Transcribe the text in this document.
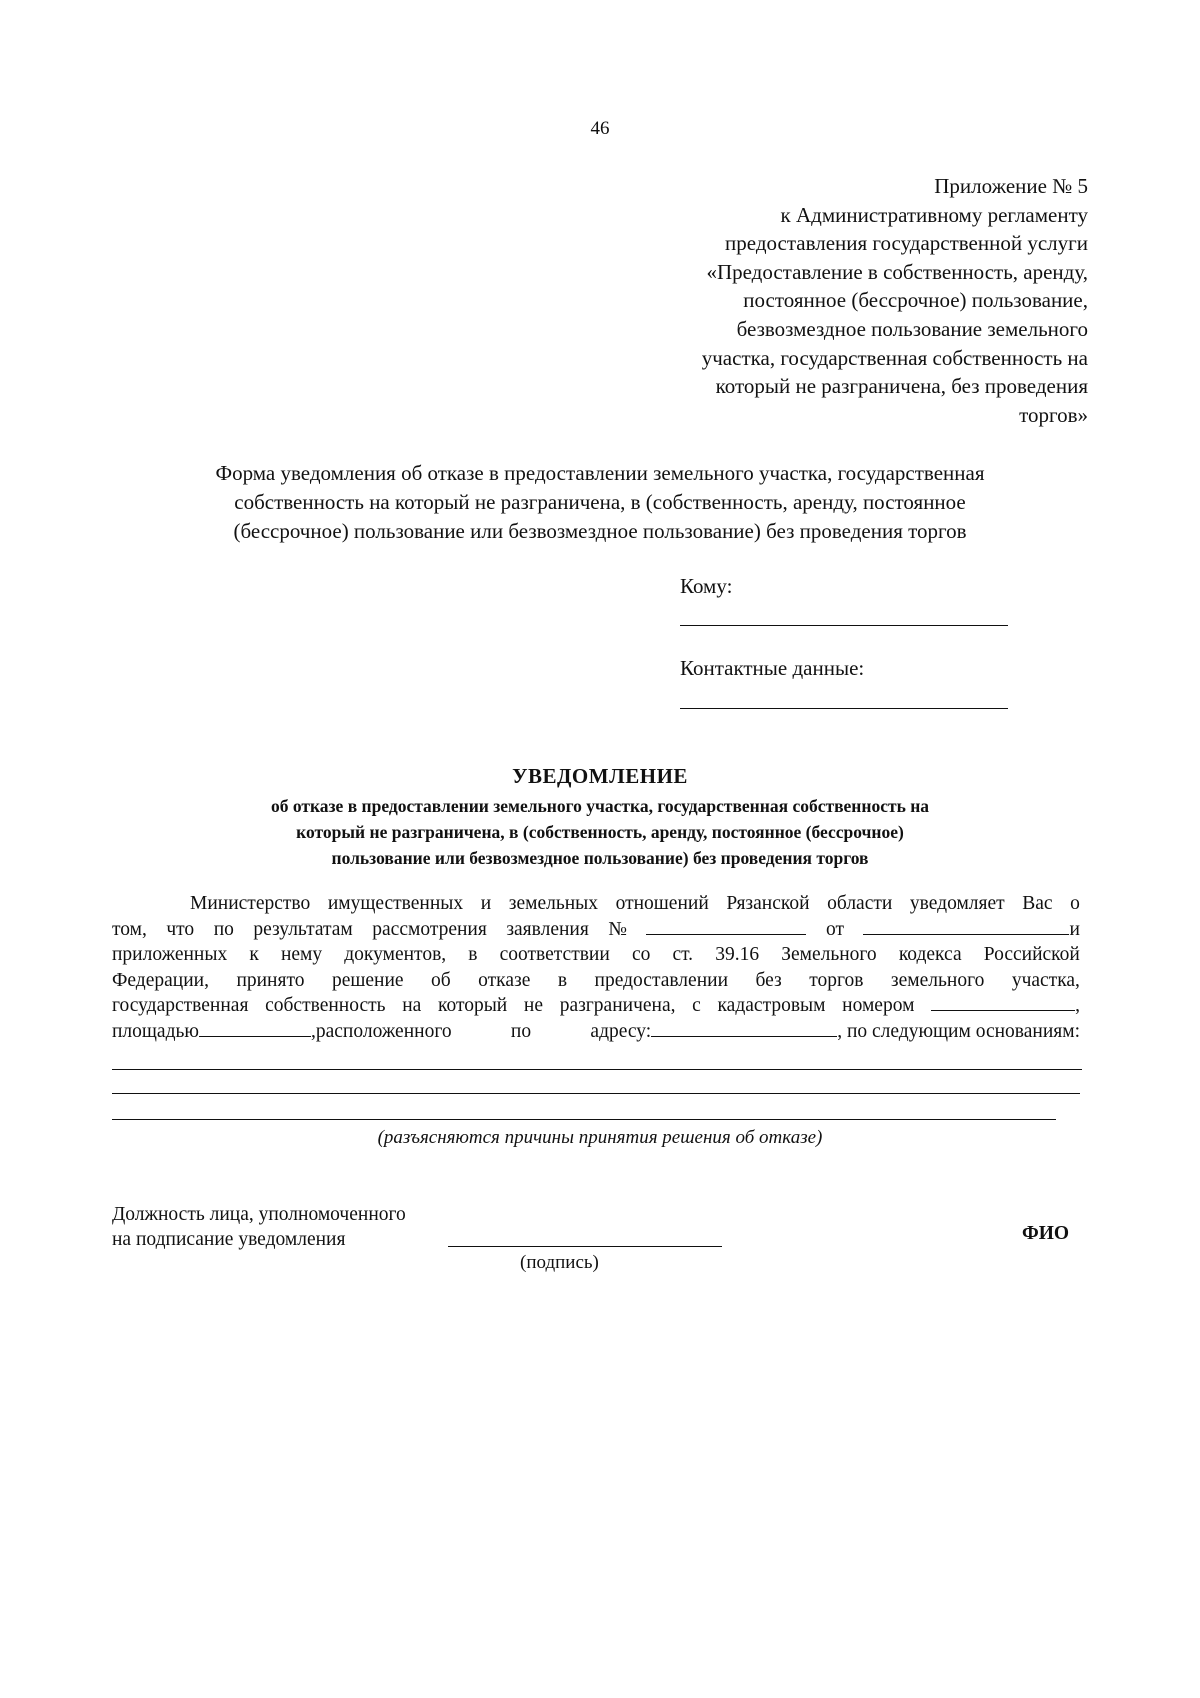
46
Приложение № 5
к Административному регламенту
предоставления государственной услуги
«Предоставление в собственность, аренду,
постоянное (бессрочное) пользование,
безвозмездное пользование земельного
участка, государственная собственность на
который не разграничена, без проведения
торгов»
Форма уведомления об отказе в предоставлении земельного участка, государственная
собственность на который не разграничена, в (собственность, аренду, постоянное
(бессрочное) пользование или безвозмездное пользование) без проведения торгов
Кому:
Контактные данные:
УВЕДОМЛЕНИЕ
об отказе в предоставлении земельного участка, государственная собственность на
который не разграничена, в (собственность, аренду, постоянное (бессрочное)
пользование или безвозмездное пользование) без проведения торгов
Министерство имущественных и земельных отношений Рязанской области уведомляет Вас о
том, что по результатам рассмотрения заявления №	от	и
приложенных к нему документов, в соответствии со ст. 39.16 Земельного кодекса Российской
Федерации, принято решение об отказе в предоставлении без торгов земельного участка,
государственная собственность на который не разграничена, с кадастровым номером	,
площадью	,расположенного	по	адресу:	, по следующим основаниям:
(разъясняются причины принятия решения об отказе)
Должность лица, уполномоченного
на подписание уведомления
(подпись)
ФИО
